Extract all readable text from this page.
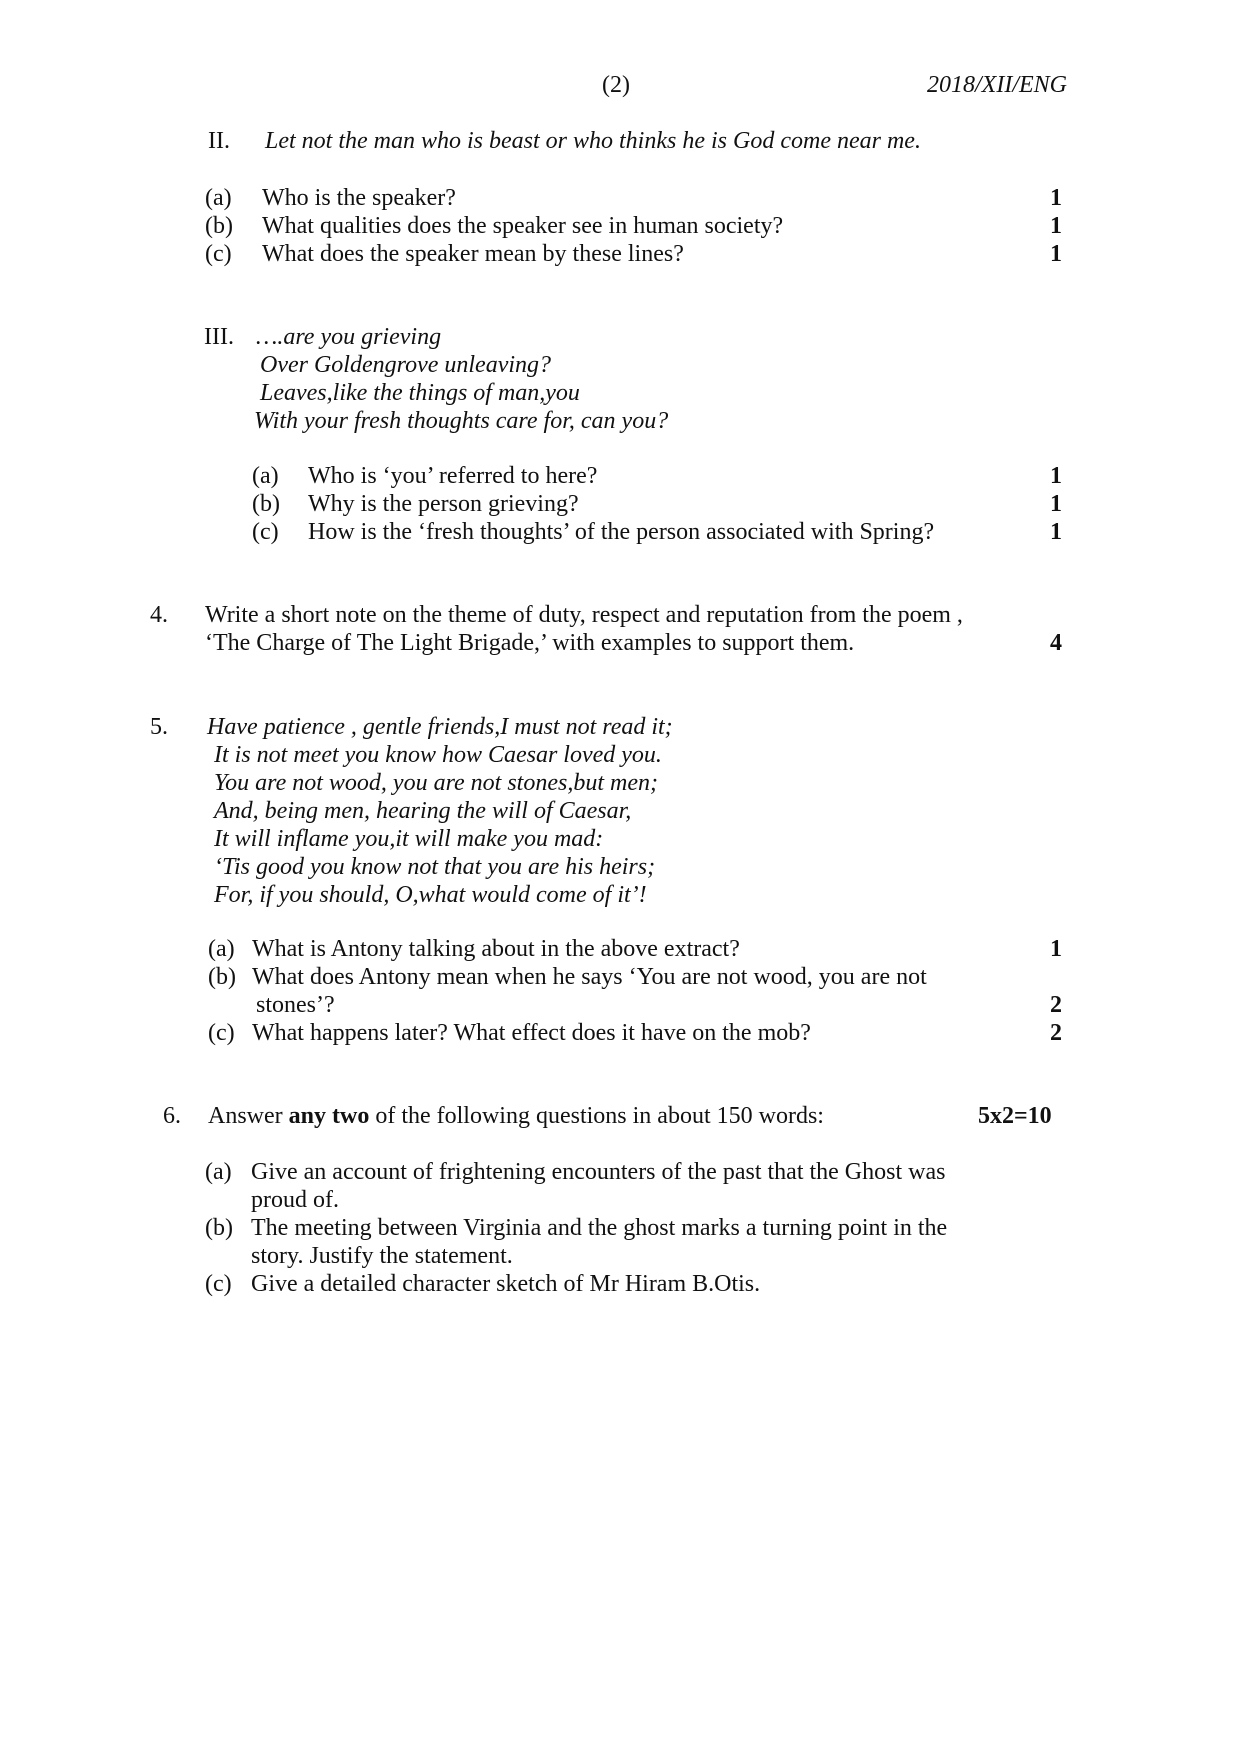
(2)	2018/XII/ENG
II. Let not the man who is beast or who thinks he is God come near me.
(a) Who is the speaker?	1
(b) What qualities does the speaker see in human society?	1
(c) What does the speaker mean by these lines?	1
III. ….are you grieving
Over Goldengrove unleaving?
Leaves,like the things of man,you
With your fresh thoughts care for, can you?
(a) Who is ‘you’ referred to here?	1
(b) Why is the person grieving?	1
(c) How is the ‘fresh thoughts’ of the person associated with Spring?	1
4. Write a short note on the theme of duty, respect and reputation from the poem ,
‘The Charge of The Light Brigade,’ with examples to support them.	4
5. Have patience , gentle friends,I must not read it;
It is not meet you know how Caesar loved you.
You are not wood, you are not stones,but men;
And, being men, hearing the will of Caesar,
It will inflame you,it will make you mad:
‘Tis good you know not that you are his heirs;
For, if you should, O,what would come of it’!
(a) What is Antony talking about in the above extract?	1
(b) What does Antony mean when he says ‘You are not wood, you are not
stones’?	2
(c) What happens later? What effect does it have on the mob?	2
6. Answer any two of the following questions in about 150 words:	5x2=10
(a) Give an account of frightening encounters of the past that the Ghost was
proud of.
(b) The meeting between Virginia and the ghost marks a turning point in the
story. Justify the statement.
(c) Give a detailed character sketch of Mr Hiram B.Otis.
